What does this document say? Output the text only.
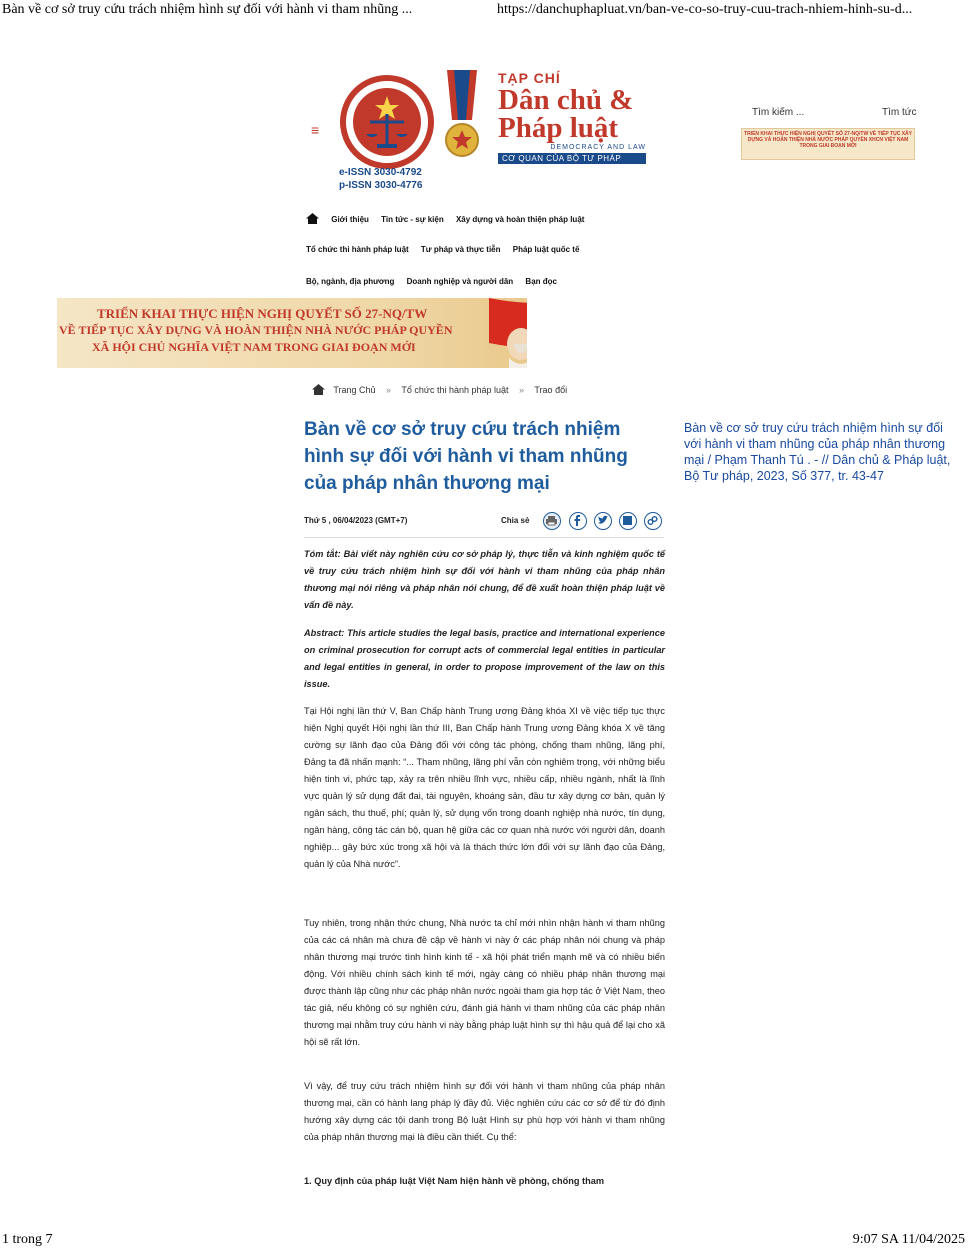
Bàn về cơ sở truy cứu trách nhiệm hình sự đối với hành vi tham nhũng ...	https://danchuphapluat.vn/ban-ve-co-so-truy-cuu-trach-nhiem-hinh-su-d...
≡
e-ISSN 3030-4792
p-ISSN 3030-4776
TẠP CHÍ
Dân chủ &
Pháp luật
DEMOCRACY AND LAW
CƠ QUAN CỦA BỘ TƯ PHÁP
Tìm kiếm ...	Tìm tức
TRIỂN KHAI THỰC HIỆN NGHỊ QUYẾT SỐ 27-NQ/TW VỀ TIẾP TỤC XÂY DỰNG VÀ HOÀN THIỆN NHÀ NƯỚC PHÁP QUYỀN XHCN VIỆT NAM TRONG GIAI ĐOẠN MỚI
Giới thiệu Tin tức - sự kiện Xây dựng và hoàn thiện pháp luật
Tổ chức thi hành pháp luật Tư pháp và thực tiễn Pháp luật quốc tế
Bộ, ngành, địa phương Doanh nghiệp và người dân Bạn đọc
TRIỂN KHAI THỰC HIỆN NGHỊ QUYẾT SỐ 27-NQ/TW
VỀ TIẾP TỤC XÂY DỰNG VÀ HOÀN THIỆN NHÀ NƯỚC PHÁP QUYỀN
XÃ HỘI CHỦ NGHĨA VIỆT NAM TRONG GIAI ĐOẠN MỚI
Trang Chủ » Tổ chức thi hành pháp luật » Trao đổi
Bàn về cơ sở truy cứu trách nhiệm hình sự đối với hành vi tham nhũng của pháp nhân thương mại
Thứ 5 , 06/04/2023 (GMT+7)	Chia sẻ
Tóm tắt: Bài viết này nghiên cứu cơ sở pháp lý, thực tiễn và kinh nghiệm quốc tế về truy cứu trách nhiệm hình sự đối với hành vi tham nhũng của pháp nhân thương mại nói riêng và pháp nhân nói chung, để đề xuất hoàn thiện pháp luật về vấn đề này.
Abstract: This article studies the legal basis, practice and international experience on criminal prosecution for corrupt acts of commercial legal entities in particular and legal entities in general, in order to propose improvement of the law on this issue.
Tại Hội nghị lần thứ V, Ban Chấp hành Trung ương Đảng khóa XI về việc tiếp tục thực hiện Nghị quyết Hội nghị lần thứ III, Ban Chấp hành Trung ương Đảng khóa X về tăng cường sự lãnh đạo của Đảng đối với công tác phòng, chống tham nhũng, lãng phí, Đảng ta đã nhấn mạnh: “... Tham nhũng, lãng phí vẫn còn nghiêm trọng, với những biểu hiện tinh vi, phức tạp, xảy ra trên nhiều lĩnh vực, nhiều cấp, nhiều ngành, nhất là lĩnh vực quản lý sử dụng đất đai, tài nguyên, khoáng sản, đầu tư xây dựng cơ bản, quản lý ngân sách, thu thuế, phí; quản lý, sử dụng vốn trong doanh nghiệp nhà nước, tín dụng, ngân hàng, công tác cán bộ, quan hệ giữa các cơ quan nhà nước với người dân, doanh nghiệp... gây bức xúc trong xã hội và là thách thức lớn đối với sự lãnh đạo của Đảng, quản lý của Nhà nước”.
Tuy nhiên, trong nhận thức chung, Nhà nước ta chỉ mới nhìn nhận hành vi tham nhũng của các cá nhân mà chưa đề cập về hành vi này ở các pháp nhân nói chung và pháp nhân thương mại trước tình hình kinh tế - xã hội phát triển mạnh mẽ và có nhiều biến động. Với nhiều chính sách kinh tế mới, ngày càng có nhiều pháp nhân thương mại được thành lập cũng như các pháp nhân nước ngoài tham gia hợp tác ở Việt Nam, theo tác giả, nếu không có sự nghiên cứu, đánh giá hành vi tham nhũng của các pháp nhân thương mại nhằm truy cứu hành vi này bằng pháp luật hình sự thì hậu quả để lại cho xã hội sẽ rất lớn.
Vì vậy, để truy cứu trách nhiệm hình sự đối với hành vi tham nhũng của pháp nhân thương mại, cần có hành lang pháp lý đầy đủ. Việc nghiên cứu các cơ sở để từ đó định hướng xây dựng các tội danh trong Bộ luật Hình sự phù hợp với hành vi tham nhũng của pháp nhân thương mại là điều cần thiết. Cụ thể:
1. Quy định của pháp luật Việt Nam hiện hành về phòng, chống tham
Bàn về cơ sở truy cứu trách nhiệm hình sự đối với hành vi tham nhũng của pháp nhân thương mại / Phạm Thanh Tú . - // Dân chủ & Pháp luật, Bộ Tư pháp, 2023, Số 377, tr. 43-47
1 trong 7	9:07 SA 11/04/2025
